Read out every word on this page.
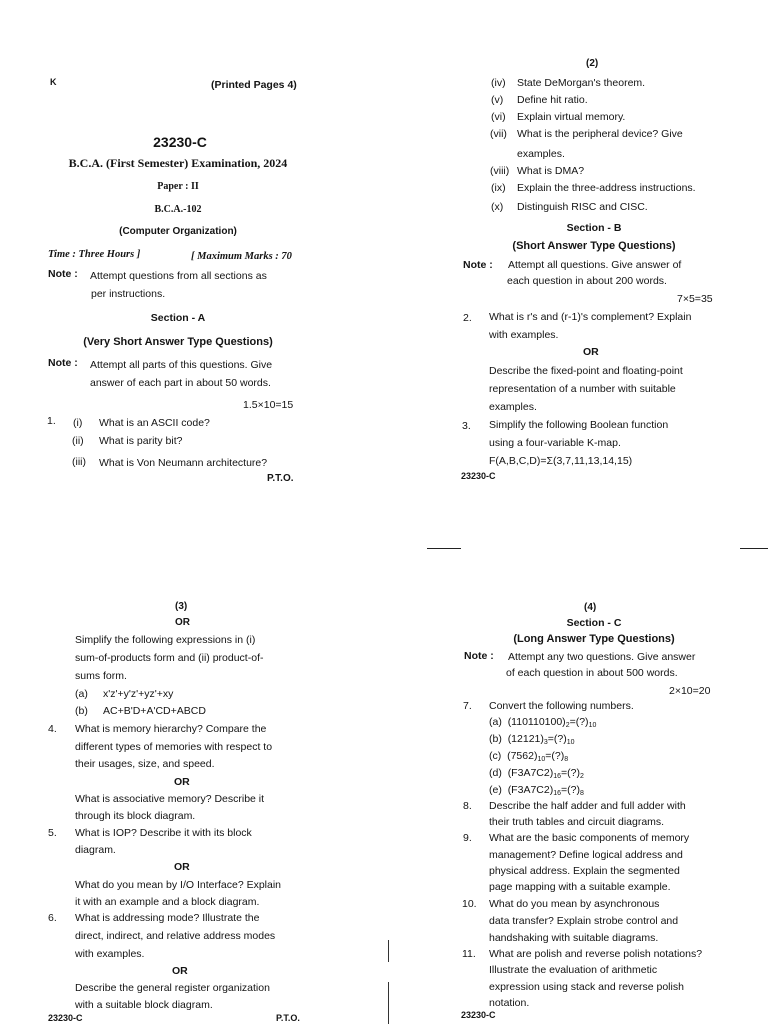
K	(Printed Pages 4)
23230-C
B.C.A. (First Semester) Examination, 2024
Paper : II
B.C.A.-102
(Computer Organization)
Time : Three Hours ]	[ Maximum Marks : 70
Note : Attempt questions from all sections as
per instructions.
Section - A
(Very Short Answer Type Questions)
Note : Attempt all parts of this questions. Give
answer of each part in about 50 words.
1.5×10=15
1. (i) What is an ASCII code?
(ii) What is parity bit?
(iii) What is Von Neumann architecture?
P.T.O.
(2)
(iv) State DeMorgan's theorem.
(v) Define hit ratio.
(vi) Explain virtual memory.
(vii) What is the peripheral device? Give
examples.
(viii) What is DMA?
(ix) Explain the three-address instructions.
(x) Distinguish RISC and CISC.
Section - B
(Short Answer Type Questions)
Note : Attempt all questions. Give answer of
each question in about 200 words.
7×5=35
2. What is r's and (r-1)'s complement? Explain
with examples.
OR
Describe the fixed-point and floating-point
representation of a number with suitable
examples.
3. Simplify the following Boolean function
using a four-variable K-map.
F(A,B,C,D)=Σ(3,7,11,13,14,15)
23230-C
(3)
OR
Simplify the following expressions in (i)
sum-of-products form and (ii) product-of-
sums form.
(a) x'z'+y'z'+yz'+xy
(b) AC+B'D+A'CD+ABCD
4. What is memory hierarchy? Compare the
different types of memories with respect to
their usages, size, and speed.
OR
What is associative memory? Describe it
through its block diagram.
5. What is IOP? Describe it with its block
diagram.
OR
What do you mean by I/O Interface? Explain
it with an example and a block diagram.
6. What is addressing mode? Illustrate the
direct, indirect, and relative address modes
with examples.
OR
Describe the general register organization
with a suitable block diagram.
23230-C	P.T.O.
(4)
Section - C
(Long Answer Type Questions)
Note : Attempt any two questions. Give answer
of each question in about 500 words.
2×10=20
7. Convert the following numbers.
(a) $(110110100)_2=(?)_{10}$
(b) $(12121)_3=(?)_{10}$
(c) $(7562)_{10}=(?)_8$
(d) $(F3A7C2)_{16}=(?)_2$
(e) $(F3A7C2)_{16}=(?)_8$
8. Describe the half adder and full adder with
their truth tables and circuit diagrams.
9. What are the basic components of memory
management? Define logical address and
physical address. Explain the segmented
page mapping with a suitable example.
10. What do you mean by asynchronous
data transfer? Explain strobe control and
handshaking with suitable diagrams.
11. What are polish and reverse polish notations?
Illustrate the evaluation of arithmetic
expression using stack and reverse polish
notation.
23230-C
